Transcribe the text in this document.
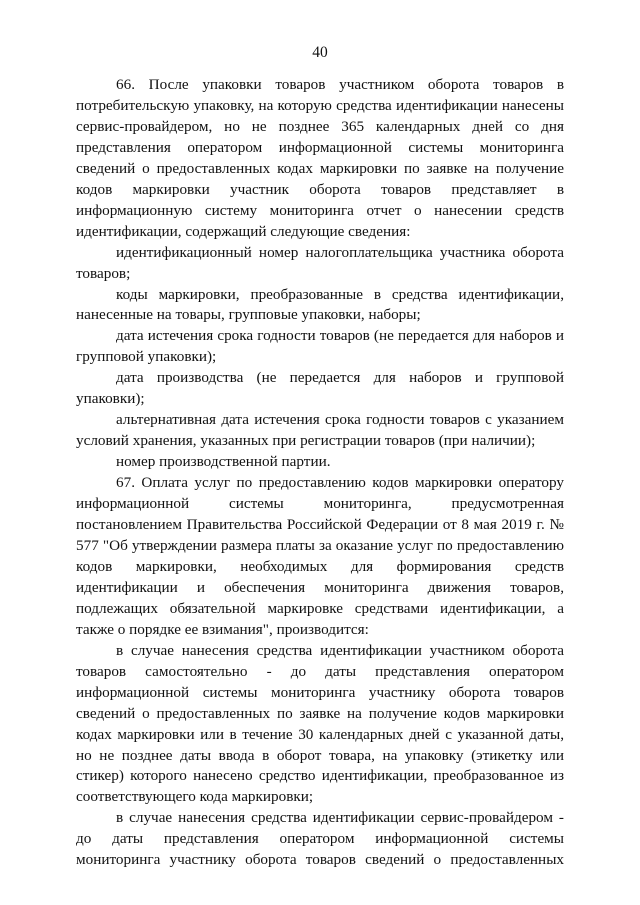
40

66. После упаковки товаров участником оборота товаров в потребительскую упаковку, на которую средства идентификации нанесены сервис-провайдером, но не позднее 365 календарных дней со дня представления оператором информационной системы мониторинга сведений о предоставленных кодах маркировки по заявке на получение кодов маркировки участник оборота товаров представляет в информационную систему мониторинга отчет о нанесении средств идентификации, содержащий следующие сведения:

идентификационный номер налогоплательщика участника оборота товаров;

коды маркировки, преобразованные в средства идентификации, нанесенные на товары, групповые упаковки, наборы;

дата истечения срока годности товаров (не передается для наборов и групповой упаковки);

дата производства (не передается для наборов и групповой упаковки);

альтернативная дата истечения срока годности товаров с указанием условий хранения, указанных при регистрации товаров (при наличии);

номер производственной партии.

67. Оплата услуг по предоставлению кодов маркировки оператору информационной системы мониторинга, предусмотренная постановлением Правительства Российской Федерации от 8 мая 2019 г. № 577 "Об утверждении размера платы за оказание услуг по предоставлению кодов маркировки, необходимых для формирования средств идентификации и обеспечения мониторинга движения товаров, подлежащих обязательной маркировке средствами идентификации, а также о порядке ее взимания", производится:

в случае нанесения средства идентификации участником оборота товаров самостоятельно - до даты представления оператором информационной системы мониторинга участнику оборота товаров сведений о предоставленных по заявке на получение кодов маркировки кодах маркировки или в течение 30 календарных дней с указанной даты, но не позднее даты ввода в оборот товара, на упаковку (этикетку или стикер) которого нанесено средство идентификации, преобразованное из соответствующего кода маркировки;

в случае нанесения средства идентификации сервис-провайдером - до даты представления оператором информационной системы мониторинга участнику оборота товаров сведений о предоставленных
